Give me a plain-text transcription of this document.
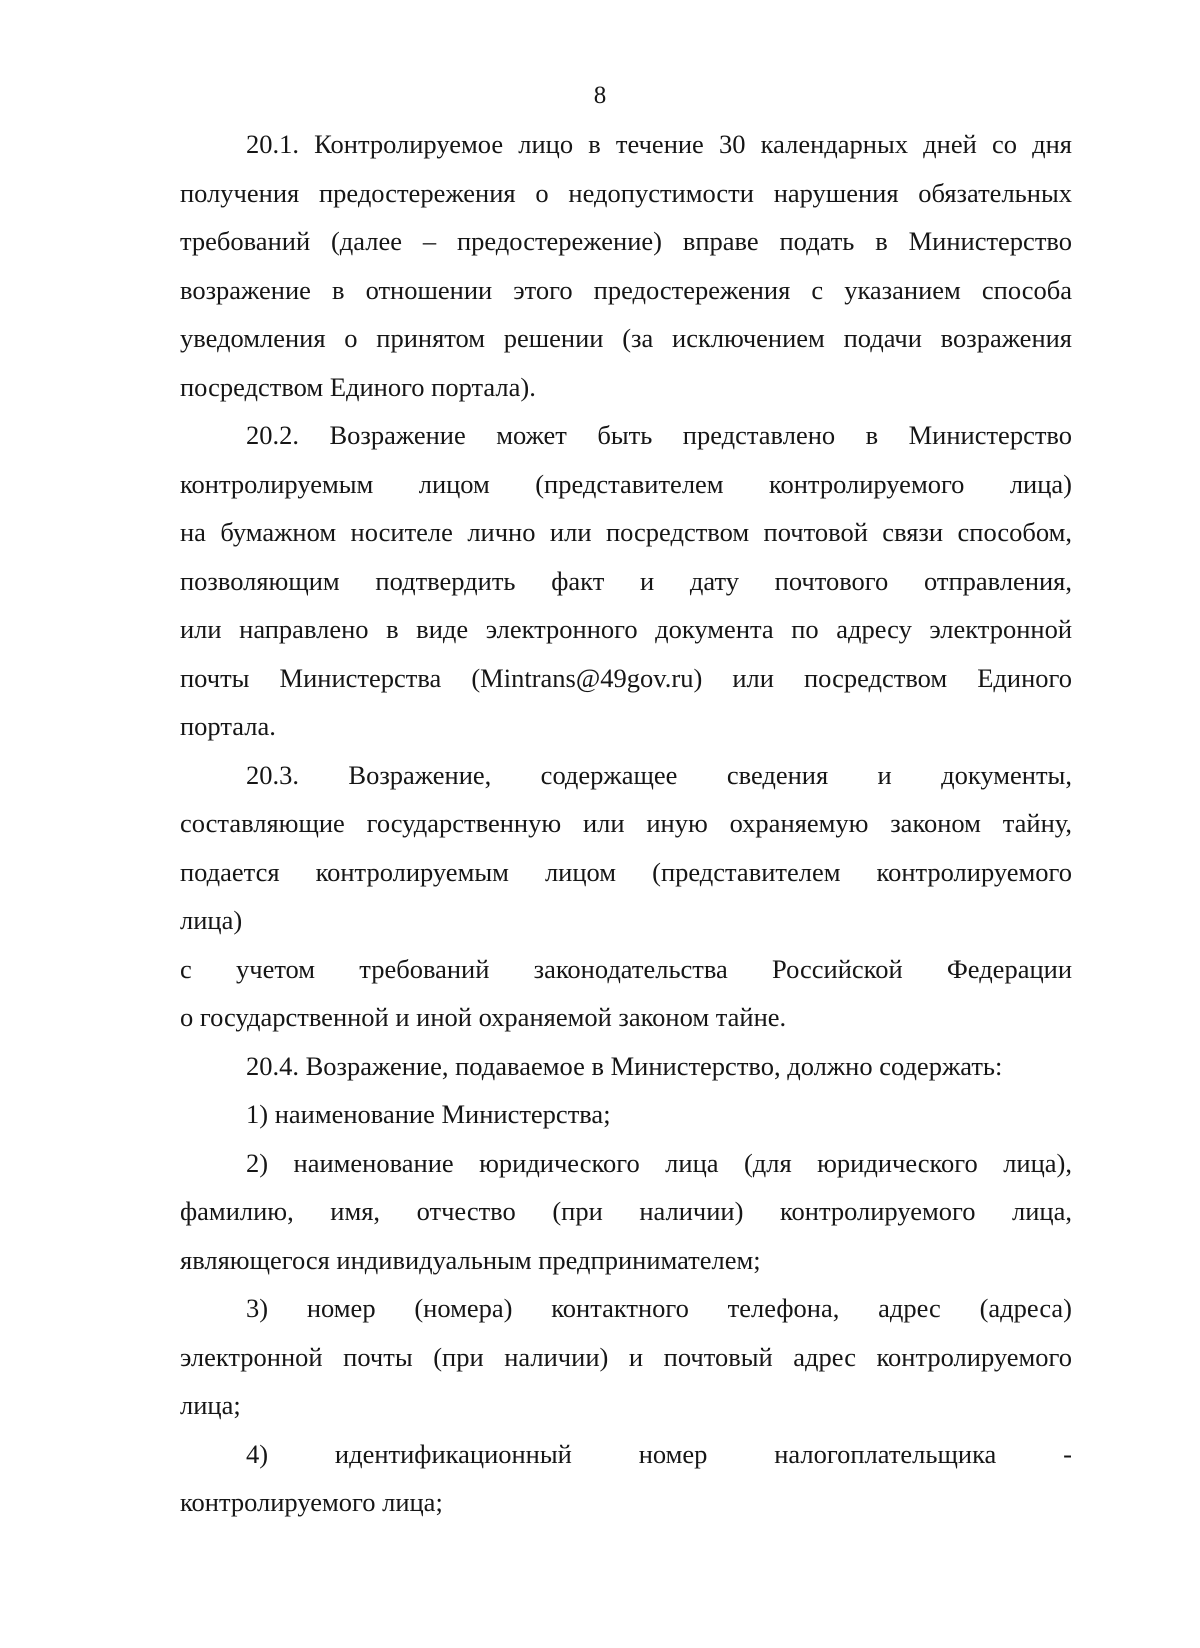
8

20.1. Контролируемое лицо в течение 30 календарных дней со дня

получения предостережения о недопустимости нарушения обязательных

требований (далее – предостережение) вправе подать в Министерство

возражение в отношении этого предостережения с указанием способа

уведомления о принятом решении (за исключением подачи возражения

посредством Единого портала).

20.2. Возражение может быть представлено в Министерство

контролируемым лицом (представителем контролируемого лица)

на бумажном носителе лично или посредством почтовой связи способом,

позволяющим подтвердить факт и дату почтового отправления,

или направлено в виде электронного документа по адресу электронной

почты Министерства (Mintrans@49gov.ru) или посредством Единого

портала.

20.3. Возражение, содержащее сведения и документы,

составляющие государственную или иную охраняемую законом тайну,

подается контролируемым лицом (представителем контролируемого

лица)

с учетом требований законодательства Российской Федерации

о государственной и иной охраняемой законом тайне.

20.4. Возражение, подаваемое в Министерство, должно содержать:

1) наименование Министерства;

2) наименование юридического лица (для юридического лица),

фамилию, имя, отчество (при наличии) контролируемого лица,

являющегося индивидуальным предпринимателем;

3) номер (номера) контактного телефона, адрес (адреса)

электронной почты (при наличии) и почтовый адрес контролируемого

лица;

4) идентификационный номер налогоплательщика -

контролируемого лица;
